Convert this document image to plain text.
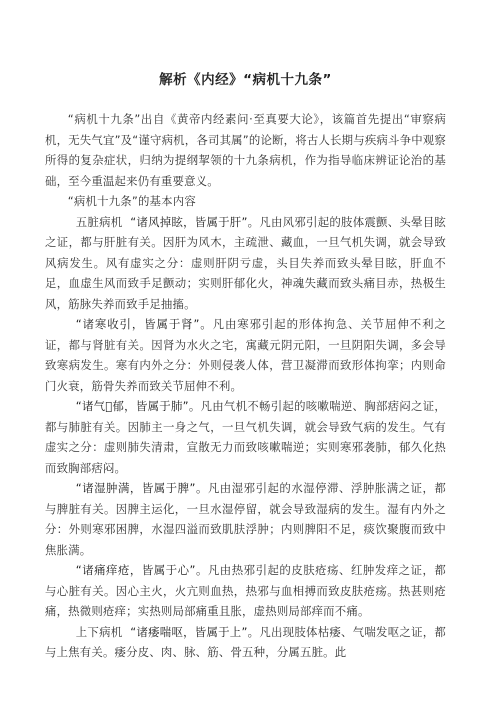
解析《内经》“病机十九条”

“病机十九条”出自《黄帝内经素问·至真要大论》，该篇首先提出“审察病机，无失气宜”及“谨守病机，各司其属”的论断，将古人长期与疾病斗争中观察所得的复杂症状，归纳为提纲挈领的十九条病机，作为指导临床辨证论治的基础，至今重温起来仍有重要意义。

“病机十九条”的基本内容

五脏病机 “诸风掉眩，皆属于肝”。凡由风邪引起的肢体震颤、头晕目眩之证，都与肝脏有关。因肝为风木，主疏泄、藏血，一旦气机失调，就会导致风病发生。风有虚实之分：虚则肝阴亏虚，头目失养而致头晕目眩，肝血不足，血虚生风而致手足颤动；实则肝郁化火，神魂失藏而致头痛目赤，热极生风，筋脉失养而致手足抽搐。

“诸寒收引，皆属于肾”。凡由寒邪引起的形体拘急、关节屈伸不利之证，都与肾脏有关。因肾为水火之宅，寓藏元阴元阳，一旦阴阳失调，多会导致寒病发生。寒有内外之分：外则侵袭人体，营卫凝滞而致形体拘挛；内则命门火衰，筋骨失养而致关节屈伸不利。

“诸气𪹯郁，皆属于肺”。凡由气机不畅引起的咳嗽喘逆、胸部痞闷之证，都与肺脏有关。因肺主一身之气，一旦气机失调，就会导致气病的发生。气有虚实之分：虚则肺失清肃，宣散无力而致咳嗽喘逆；实则寒邪袭肺，郁久化热而致胸部痞闷。

“诸湿肿满，皆属于脾”。凡由湿邪引起的水湿停滞、浮肿胀满之证，都与脾脏有关。因脾主运化，一旦水湿停留，就会导致湿病的发生。湿有内外之分：外则寒邪困脾，水湿四溢而致肌肤浮肿；内则脾阳不足，痰饮聚腹而致中焦胀满。

“诸痛痒疮，皆属于心”。凡由热邪引起的皮肤疮疡、红肿发痒之证，都与心脏有关。因心主火，火亢则血热，热邪与血相搏而致皮肤疮疡。热甚则疮痛，热微则疮痒；实热则局部痛重且胀，虚热则局部痒而不痛。

上下病机 “诸痿喘呕，皆属于上”。凡出现肢体枯痿、气喘发呕之证，都与上焦有关。痿分皮、肉、脉、筋、骨五种，分属五脏。此
